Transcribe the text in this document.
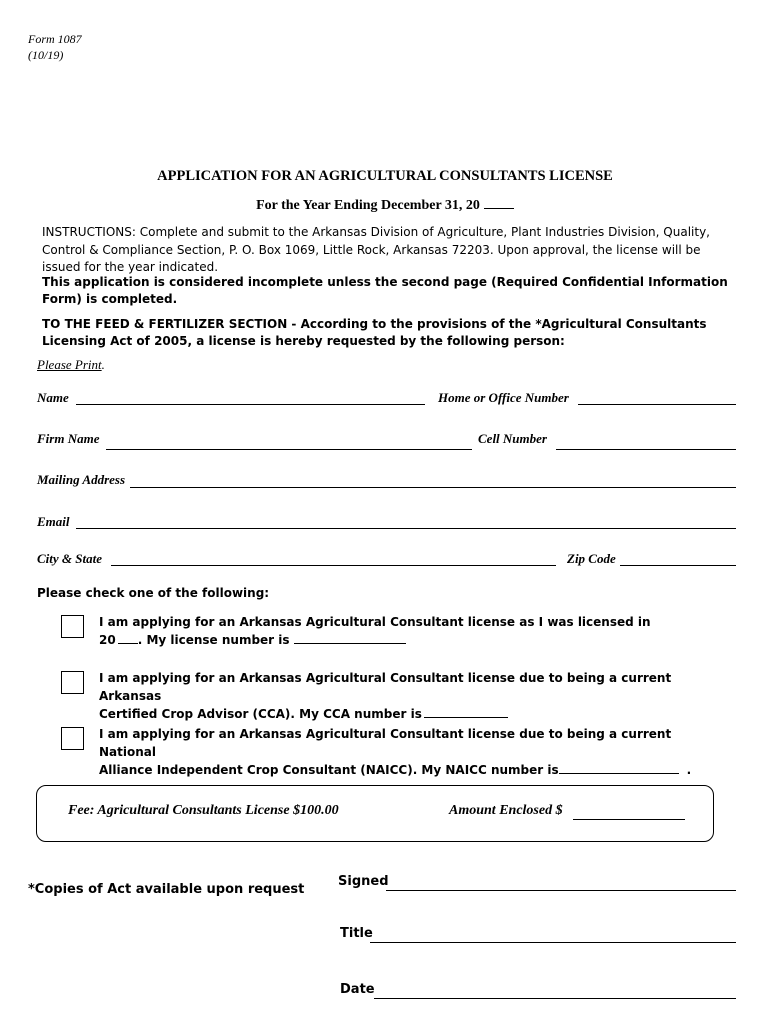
Form 1087
(10/19)
APPLICATION FOR AN AGRICULTURAL CONSULTANTS LICENSE
For the Year Ending December 31, 20
INSTRUCTIONS: Complete and submit to the Arkansas Division of Agriculture, Plant Industries Division, Quality, Control & Compliance Section, P. O. Box 1069, Little Rock, Arkansas 72203. Upon approval, the license will be issued for the year indicated.
This application is considered incomplete unless the second page (Required Confidential Information Form) is completed.
TO THE FEED & FERTILIZER SECTION - According to the provisions of the *Agricultural Consultants Licensing Act of 2005, a license is hereby requested by the following person:
Please Print.
Name	Home or Office Number
Firm Name	Cell Number
Mailing Address
Email
City & State	Zip Code
Please check one of the following:
I am applying for an Arkansas Agricultural Consultant license as I was licensed in
20 . My license number is
I am applying for an Arkansas Agricultural Consultant license due to being a current Arkansas
Certified Crop Advisor (CCA). My CCA number is
I am applying for an Arkansas Agricultural Consultant license due to being a current National
Alliance Independent Crop Consultant (NAICC). My NAICC number is	.
Fee: Agricultural Consultants License $100.00	Amount Enclosed $
*Copies of Act available upon request
Signed
Title
Date
